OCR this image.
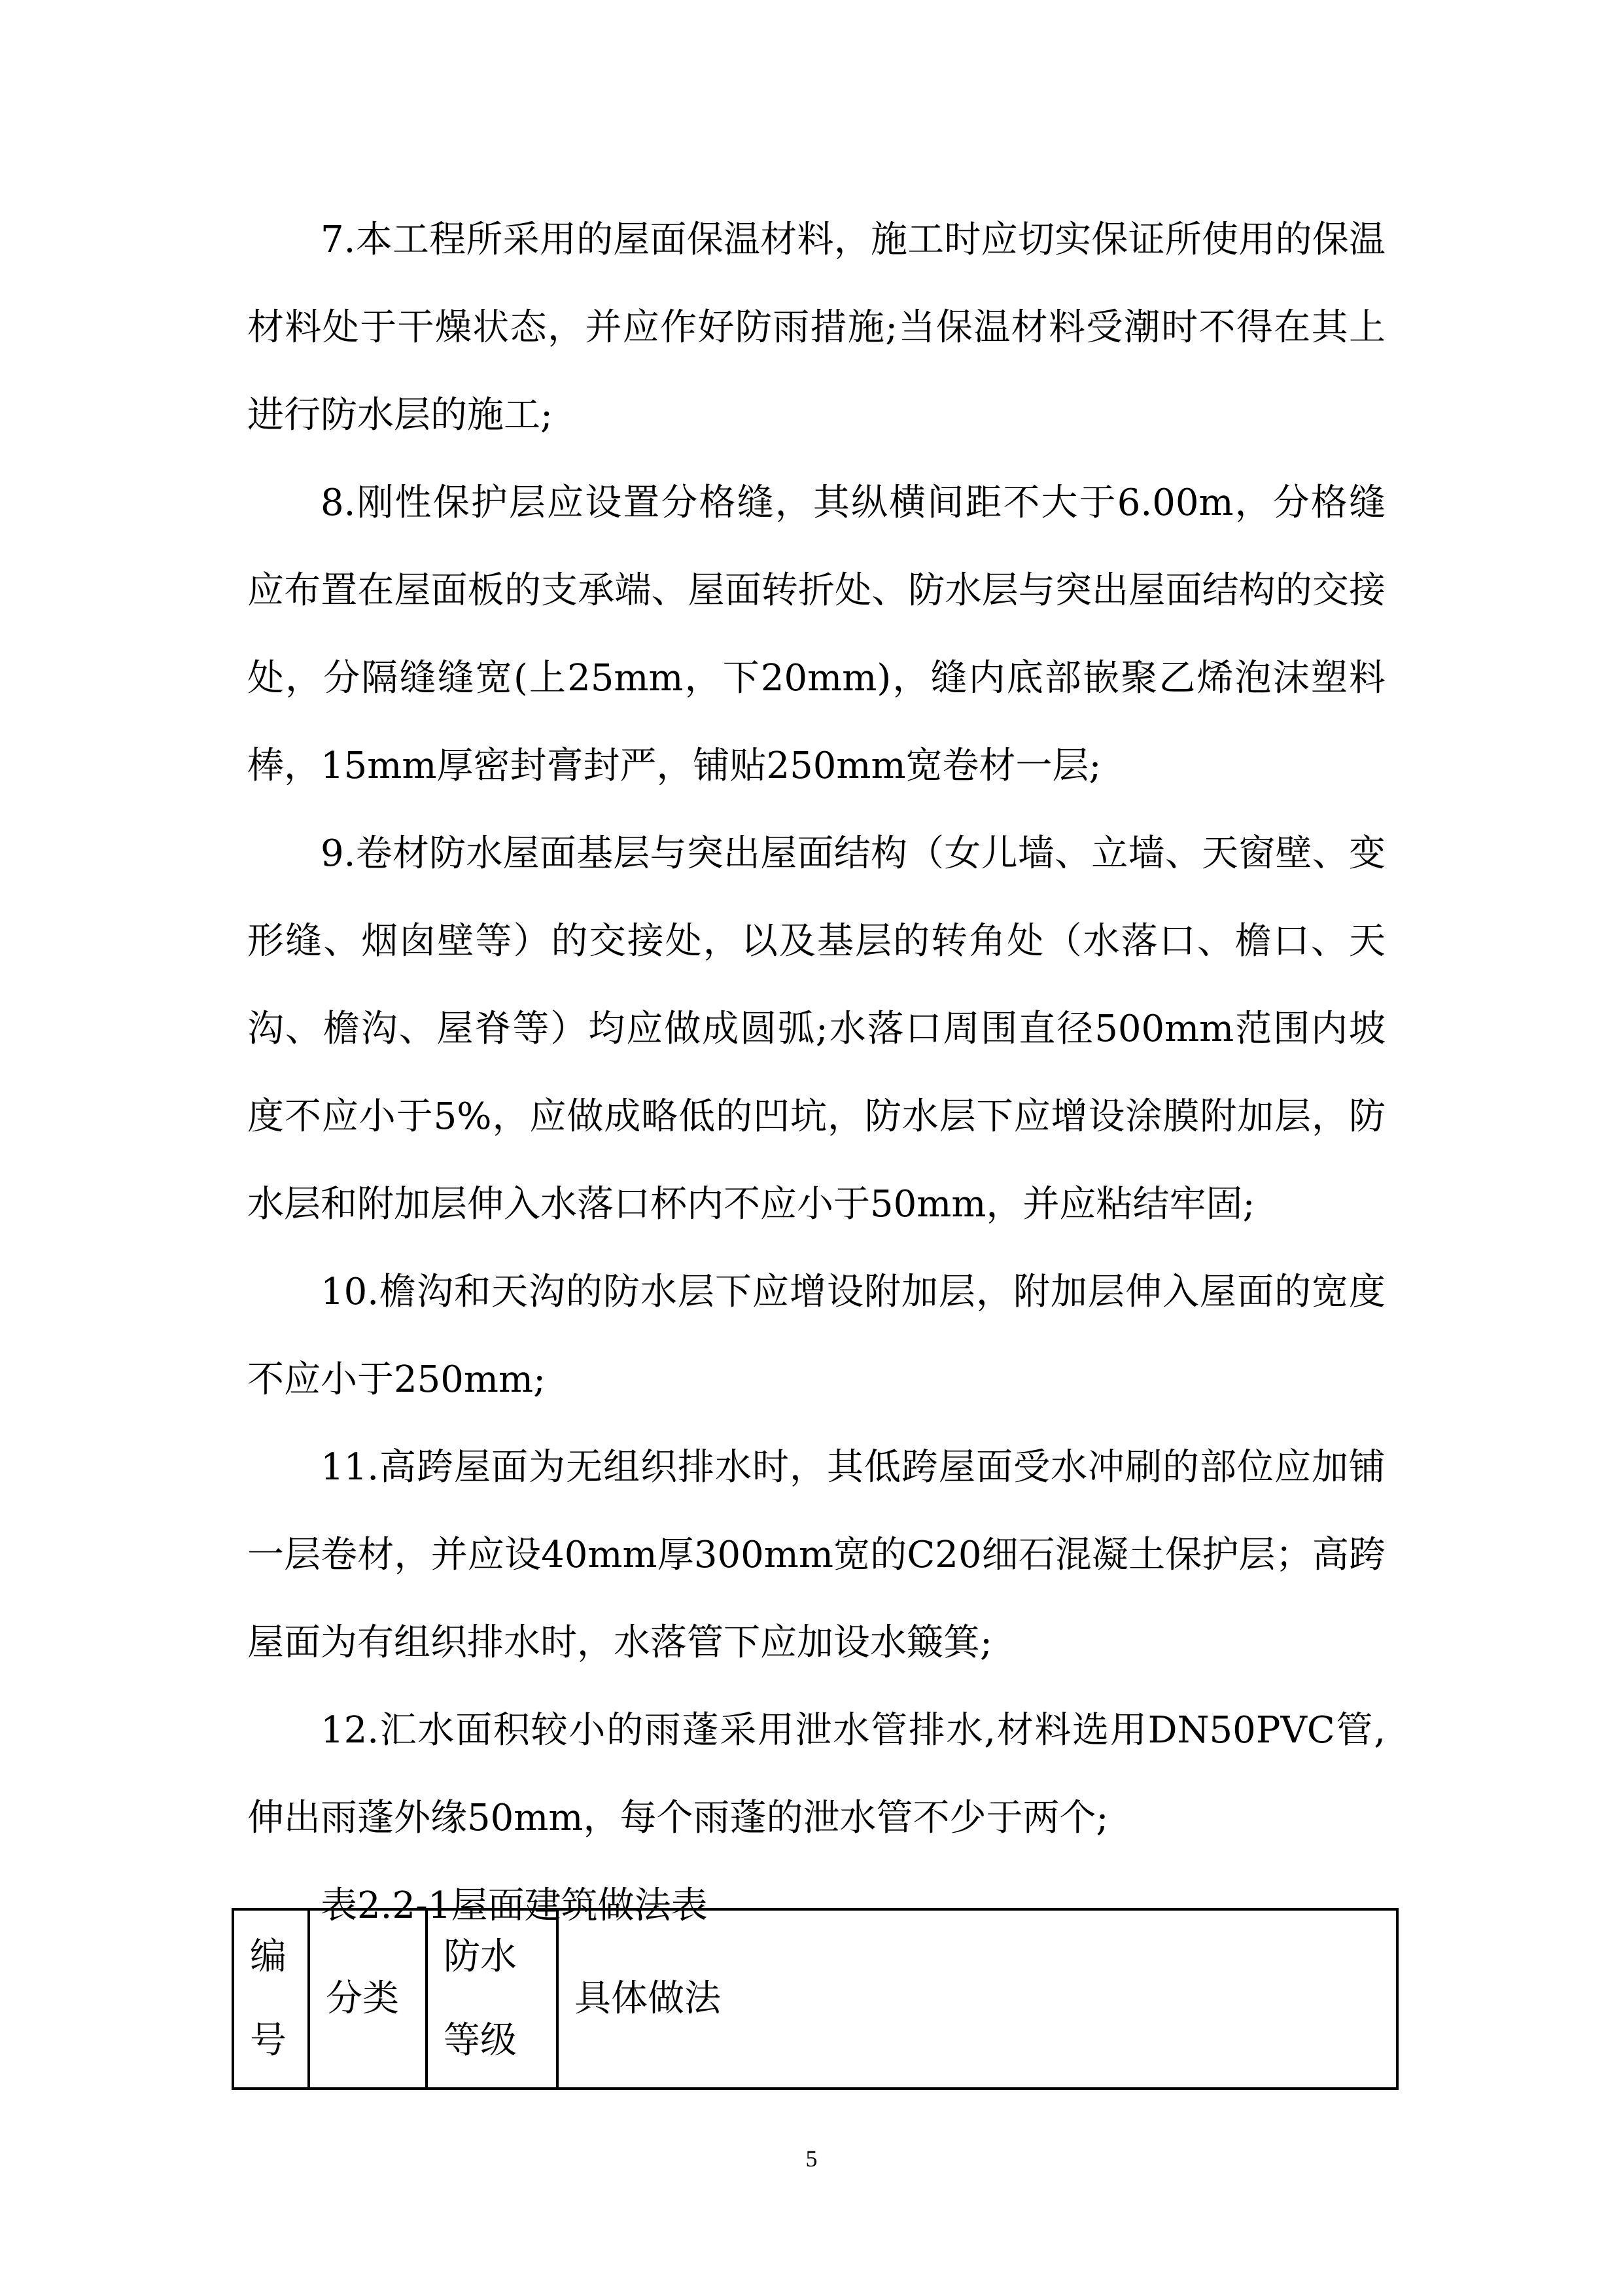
7.本工程所采用的屋面保温材料，施工时应切实保证所使用的保温材料处于干燥状态，并应作好防雨措施;当保温材料受潮时不得在其上进行防水层的施工;

8.刚性保护层应设置分格缝，其纵横间距不大于6.00m，分格缝应布置在屋面板的支承端、屋面转折处、防水层与突出屋面结构的交接处，分隔缝缝宽(上25mm，下20mm)，缝内底部嵌聚乙烯泡沫塑料棒，15mm厚密封膏封严，铺贴250mm宽卷材一层;

9.卷材防水屋面基层与突出屋面结构（女儿墙、立墙、天窗壁、变形缝、烟囱壁等）的交接处，以及基层的转角处（水落口、檐口、天沟、檐沟、屋脊等）均应做成圆弧;水落口周围直径500mm范围内坡度不应小于5%，应做成略低的凹坑，防水层下应增设涂膜附加层，防水层和附加层伸入水落口杯内不应小于50mm，并应粘结牢固;

10.檐沟和天沟的防水层下应增设附加层，附加层伸入屋面的宽度不应小于250mm;

11.高跨屋面为无组织排水时，其低跨屋面受水冲刷的部位应加铺一层卷材，并应设40mm厚300mm宽的C20细石混凝土保护层；高跨屋面为有组织排水时，水落管下应加设水簸箕;

12.汇水面积较小的雨蓬采用泄水管排水,材料选用DN50PVC管,伸出雨蓬外缘50mm，每个雨蓬的泄水管不少于两个;

表2.2-1屋面建筑做法表

编号	分类	防水等级	具体做法
5
